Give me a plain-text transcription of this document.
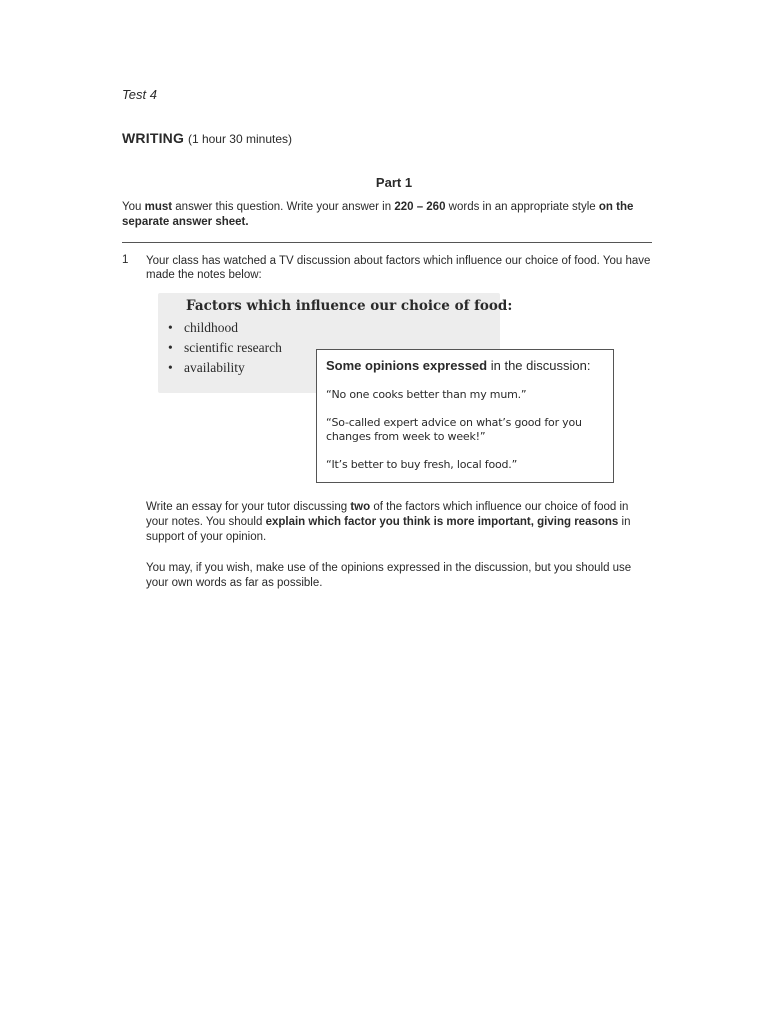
Test 4
WRITING (1 hour 30 minutes)
Part 1
You must answer this question. Write your answer in 220 – 260 words in an appropriate style on the separate answer sheet.
1 Your class has watched a TV discussion about factors which influence our choice of food. You have made the notes below:
Factors which influence our choice of food:
• childhood
• scientific research
• availability	Some opinions expressed in the discussion:
“No one cooks better than my mum.”
“So-called expert advice on what’s good for you changes from week to week!”
“It’s better to buy fresh, local food.”
Write an essay for your tutor discussing two of the factors which influence our choice of food in your notes. You should explain which factor you think is more important, giving reasons in support of your opinion.
You may, if you wish, make use of the opinions expressed in the discussion, but you should use your own words as far as possible.
